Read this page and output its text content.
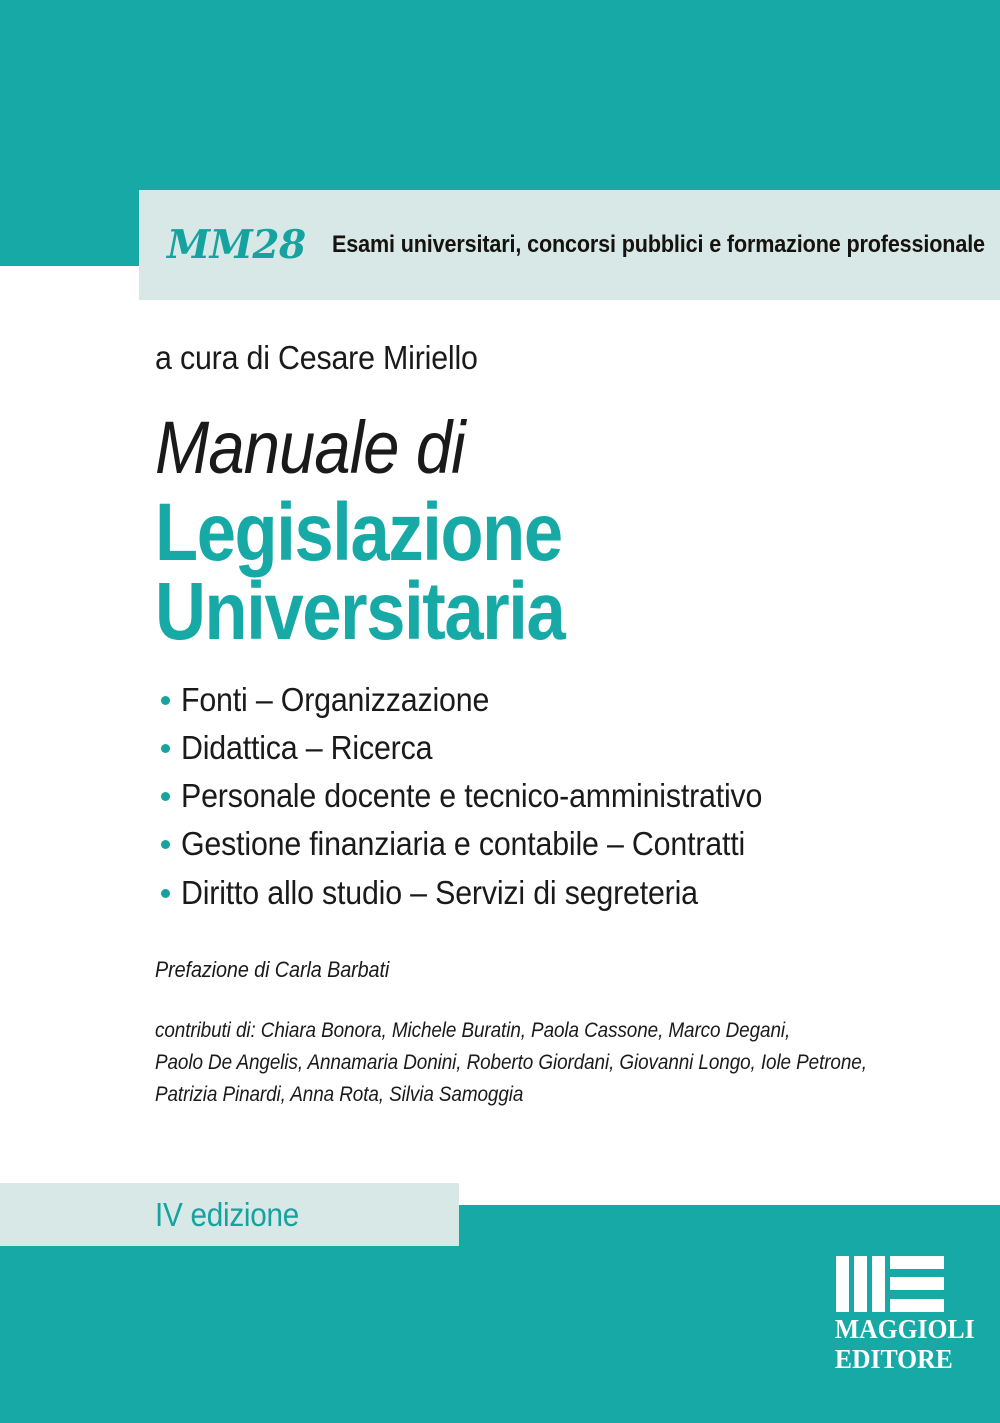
MM28 Esami universitari, concorsi pubblici e formazione professionale
a cura di Cesare Miriello
Manuale di
Legislazione
Universitaria
Fonti – Organizzazione
Didattica – Ricerca
Personale docente e tecnico-amministrativo
Gestione finanziaria e contabile – Contratti
Diritto allo studio – Servizi di segreteria
Prefazione di Carla Barbati
contributi di: Chiara Bonora, Michele Buratin, Paola Cassone, Marco Degani,
Paolo De Angelis, Annamaria Donini, Roberto Giordani, Giovanni Longo, Iole Petrone,
Patrizia Pinardi, Anna Rota, Silvia Samoggia
IV edizione
MAGGIOLI
EDITORE
